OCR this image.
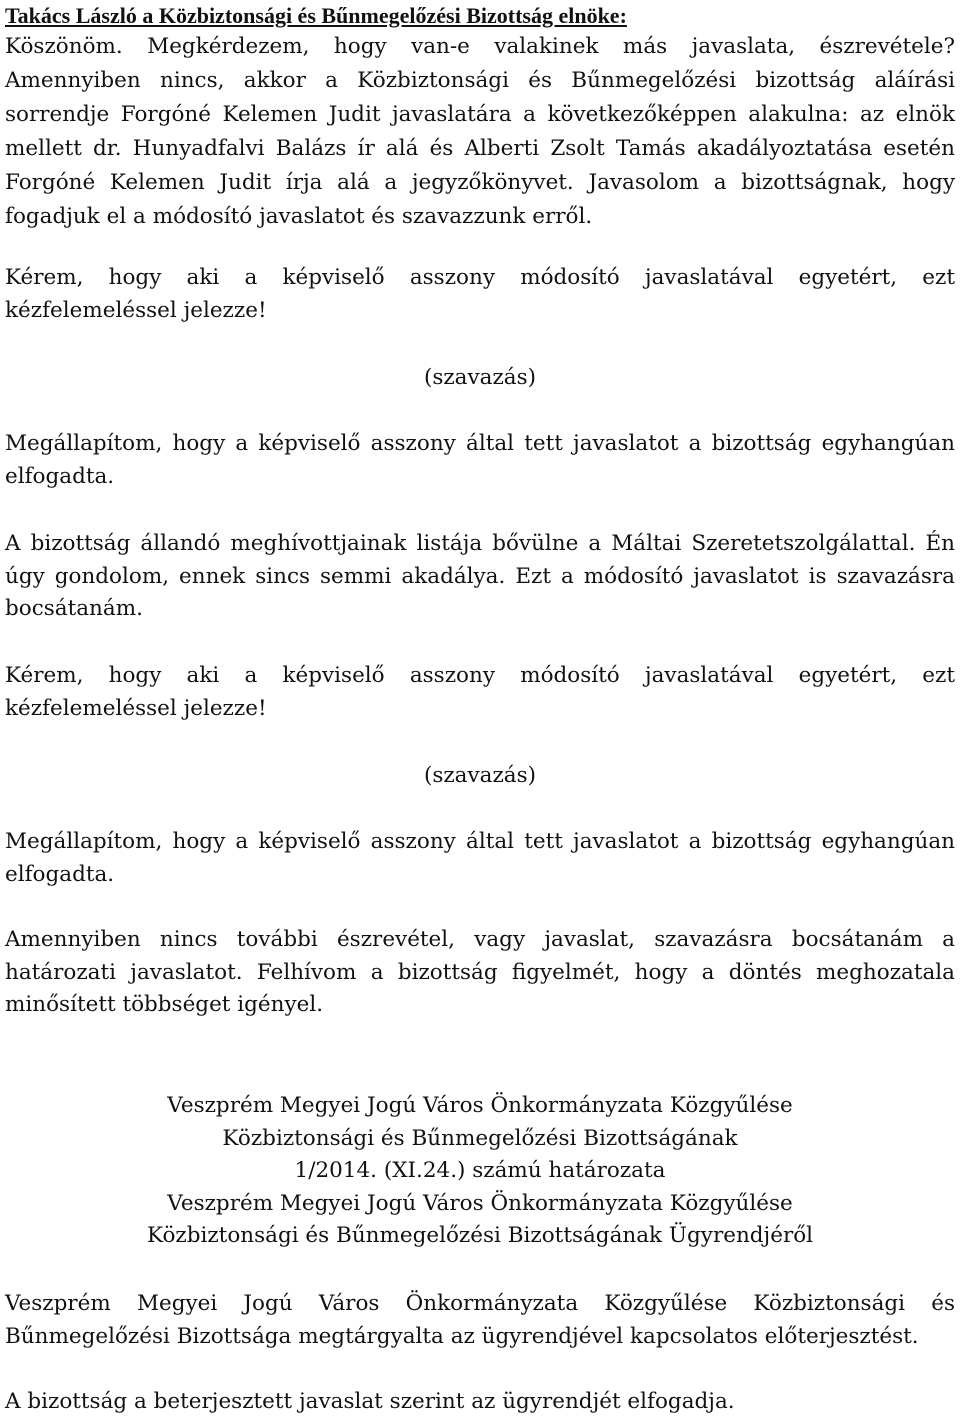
Takács László a Közbiztonsági és Bűnmegelőzési Bizottság elnöke:

Köszönöm. Megkérdezem, hogy van-e valakinek más javaslata, észrevétele?
Amennyiben nincs, akkor a Közbiztonsági és Bűnmegelőzési bizottság aláírási
sorrendje Forgóné Kelemen Judit javaslatára a következőképpen alakulna: az elnök
mellett dr. Hunyadfalvi Balázs ír alá és Alberti Zsolt Tamás akadályoztatása esetén
Forgóné Kelemen Judit írja alá a jegyzőkönyvet. Javasolom a bizottságnak, hogy
fogadjuk el a módosító javaslatot és szavazzunk erről.

Kérem, hogy aki a képviselő asszony módosító javaslatával egyetért, ezt
kézfelemeléssel jelezze!

(szavazás)

Megállapítom, hogy a képviselő asszony által tett javaslatot a bizottság egyhangúan
elfogadta.

A bizottság állandó meghívottjainak listája bővülne a Máltai Szeretetszolgálattal. Én
úgy gondolom, ennek sincs semmi akadálya. Ezt a módosító javaslatot is szavazásra
bocsátanám.

Kérem, hogy aki a képviselő asszony módosító javaslatával egyetért, ezt
kézfelemeléssel jelezze!

(szavazás)

Megállapítom, hogy a képviselő asszony által tett javaslatot a bizottság egyhangúan
elfogadta.

Amennyiben nincs további észrevétel, vagy javaslat, szavazásra bocsátanám a
határozati javaslatot. Felhívom a bizottság figyelmét, hogy a döntés meghozatala
minősített többséget igényel.

Veszprém Megyei Jogú Város Önkormányzata Közgyűlése
Közbiztonsági és Bűnmegelőzési Bizottságának
1/2014. (XI.24.) számú határozata
Veszprém Megyei Jogú Város Önkormányzata Közgyűlése
Közbiztonsági és Bűnmegelőzési Bizottságának Ügyrendjéről

Veszprém Megyei Jogú Város Önkormányzata Közgyűlése Közbiztonsági és
Bűnmegelőzési Bizottsága megtárgyalta az ügyrendjével kapcsolatos előterjesztést.

A bizottság a beterjesztett javaslat szerint az ügyrendjét elfogadja.
